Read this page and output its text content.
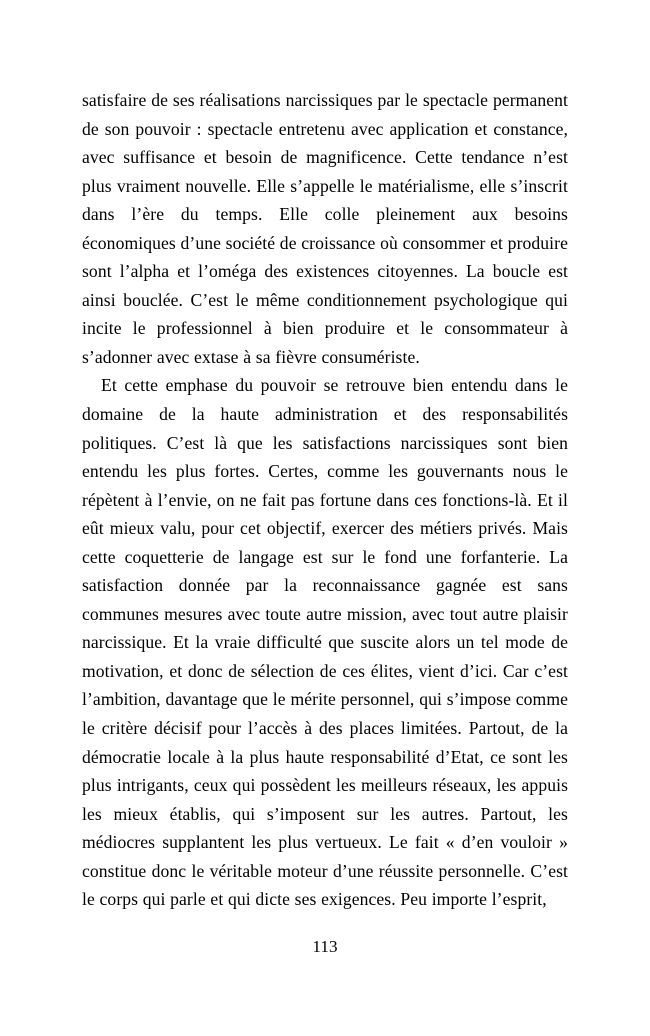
satisfaire de ses réalisations narcissiques par le spectacle permanent de son pouvoir : spectacle entretenu avec application et constance, avec suffisance et besoin de magnificence. Cette tendance n’est plus vraiment nouvelle. Elle s’appelle le matérialisme, elle s’inscrit dans l’ère du temps. Elle colle pleinement aux besoins économiques d’une société de croissance où consommer et produire sont l’alpha et l’oméga des existences citoyennes. La boucle est ainsi bouclée. C’est le même conditionnement psychologique qui incite le professionnel à bien produire et le consommateur à s’adonner avec extase à sa fièvre consumériste.

Et cette emphase du pouvoir se retrouve bien entendu dans le domaine de la haute administration et des responsabilités politiques. C’est là que les satisfactions narcissiques sont bien entendu les plus fortes. Certes, comme les gouvernants nous le répètent à l’envie, on ne fait pas fortune dans ces fonctions-là. Et il eût mieux valu, pour cet objectif, exercer des métiers privés. Mais cette coquetterie de langage est sur le fond une forfanterie. La satisfaction donnée par la reconnaissance gagnée est sans communes mesures avec toute autre mission, avec tout autre plaisir narcissique. Et la vraie difficulté que suscite alors un tel mode de motivation, et donc de sélection de ces élites, vient d’ici. Car c’est l’ambition, davantage que le mérite personnel, qui s’impose comme le critère décisif pour l’accès à des places limitées. Partout, de la démocratie locale à la plus haute responsabilité d’Etat, ce sont les plus intrigants, ceux qui possèdent les meilleurs réseaux, les appuis les mieux établis, qui s’imposent sur les autres. Partout, les médiocres supplantent les plus vertueux. Le fait « d’en vouloir » constitue donc le véritable moteur d’une réussite personnelle. C’est le corps qui parle et qui dicte ses exigences. Peu importe l’esprit,

113
